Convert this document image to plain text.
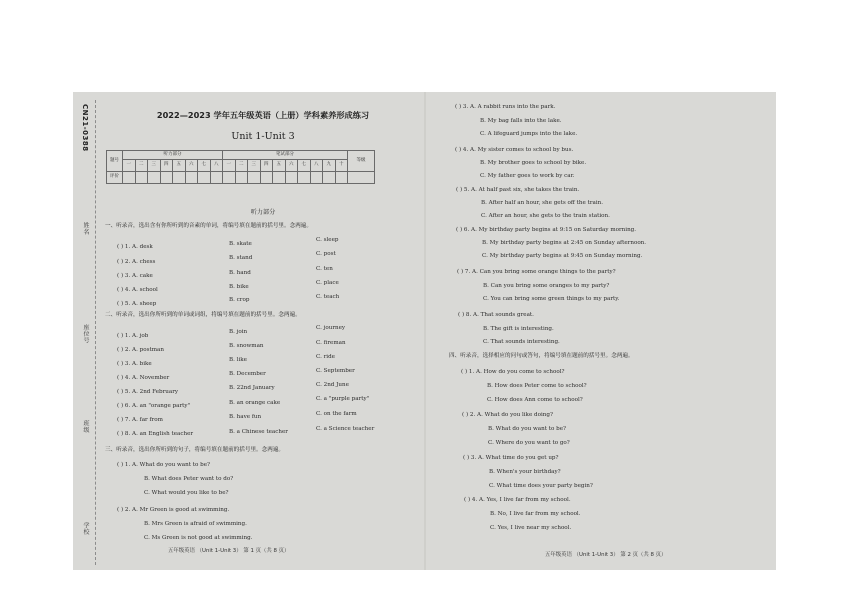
CN21-0388
姓名
座位号
班级
学校
2022—2023 学年五年级英语（上册）学科素养形成练习
Unit 1-Unit 3
题号	听力部分								笔试部分										等级
	一	二	三	四	五	六	七	八	一	二	三	四	五	六	七	八	九	十	
评价																			
听力部分
一、听录音，选出含有你所听到的音素的单词，将编号填在题前的括号里。念两遍。
( ) 1. A. desk	B. skate
C. sleep
( ) 2. A. chess
B. stand
C. post
( ) 3. A. cake	B. hand
C. ten
( ) 4. A. school	B. bike
C. place
( ) 5. A. sheep
B. crop	C. teach
二、听录音，选出你所听到的单词或词组，将编号填在题前的括号里。念两遍。
( ) 1. A. job
B. join
C. journey
( ) 2. A. postman
B. snowman	C. fireman
( ) 3. A. bike
B. like	C. ride
( ) 4. A. November
B. December	C. September
( ) 5. A. 2nd February
B. 22nd January	C. 2nd June
( ) 6. A. an "orange party"	B. an orange cake
C. a "purple party"
( ) 7. A. far from	B. have fun	C. on the farm
( ) 8. A. an English teacher	B. a Chinese teacher	C. a Science teacher
三、听录音，选出你所听到的句子，将编号填在题前的括号里。念两遍。
( ) 1. A. What do you want to be?
B. What does Peter want to do?
C. What would you like to be?
( ) 2. A. Mr Green is good at swimming.
B. Mrs Green is afraid of swimming.
C. Ms Green is not good at swimming.
五年级英语 （Unit 1-Unit 3） 第 1 页（共 8 页）
( ) 3. A. A rabbit runs into the park.
B. My bag falls into the lake.
C. A lifeguard jumps into the lake.
( ) 4. A. My sister comes to school by bus.
B. My brother goes to school by bike.
C. My father goes to work by car.
( ) 5. A. At half past six, she takes the train.
B. After half an hour, she gets off the train.
C. After an hour, she gets to the train station.
( ) 6. A. My birthday party begins at 9:15 on Saturday morning.
B. My birthday party begins at 2:45 on Sunday afternoon.
C. My birthday party begins at 9:45 on Sunday morning.
( ) 7. A. Can you bring some orange things to the party?
B. Can you bring some oranges to my party?
C. You can bring some green things to my party.
( ) 8. A. That sounds great.
B. The gift is interesting.
C. That sounds interesting.
四、听录音，选择相应的问句或答句，将编号填在题前的括号里。念两遍。
( ) 1. A. How do you come to school?
B. How does Peter come to school?
C. How does Ann come to school?
( ) 2. A. What do you like doing?
B. What do you want to be?
C. Where do you want to go?
( ) 3. A. What time do you get up?
B. When's your birthday?
C. What time does your party begin?
( ) 4. A. Yes, I live far from my school.
B. No, I live far from my school.
C. Yes, I live near my school.
五年级英语 （Unit 1-Unit 3） 第 2 页（共 8 页）
